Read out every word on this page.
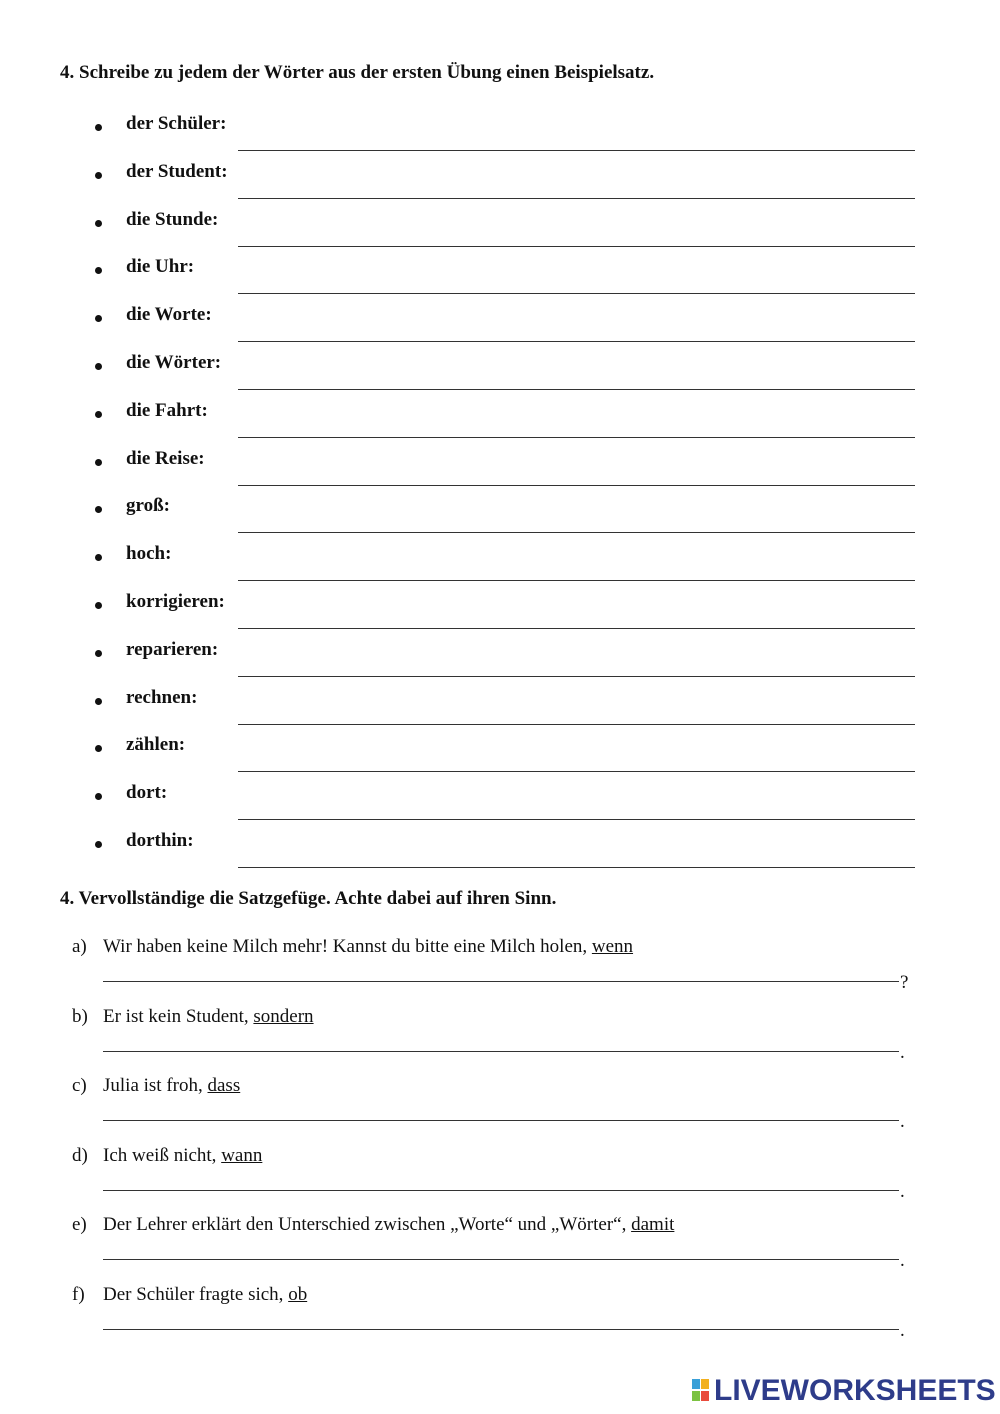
4. Schreibe zu jedem der Wörter aus der ersten Übung einen Beispielsatz.
der Schüler:
der Student:
die Stunde:
die Uhr:
die Worte:
die Wörter:
die Fahrt:
die Reise:
groß:
hoch:
korrigieren:
reparieren:
rechnen:
zählen:
dort:
dorthin:
4. Vervollständige die Satzgefüge. Achte dabei auf ihren Sinn.
a) Wir haben keine Milch mehr! Kannst du bitte eine Milch holen, wenn
?
b) Er ist kein Student, sondern
.
c) Julia ist froh, dass
.
d) Ich weiß nicht, wann
.
e) Der Lehrer erklärt den Unterschied zwischen „Worte“ und „Wörter“, damit
.
f) Der Schüler fragte sich, ob
.
LIVEWORKSHEETS
